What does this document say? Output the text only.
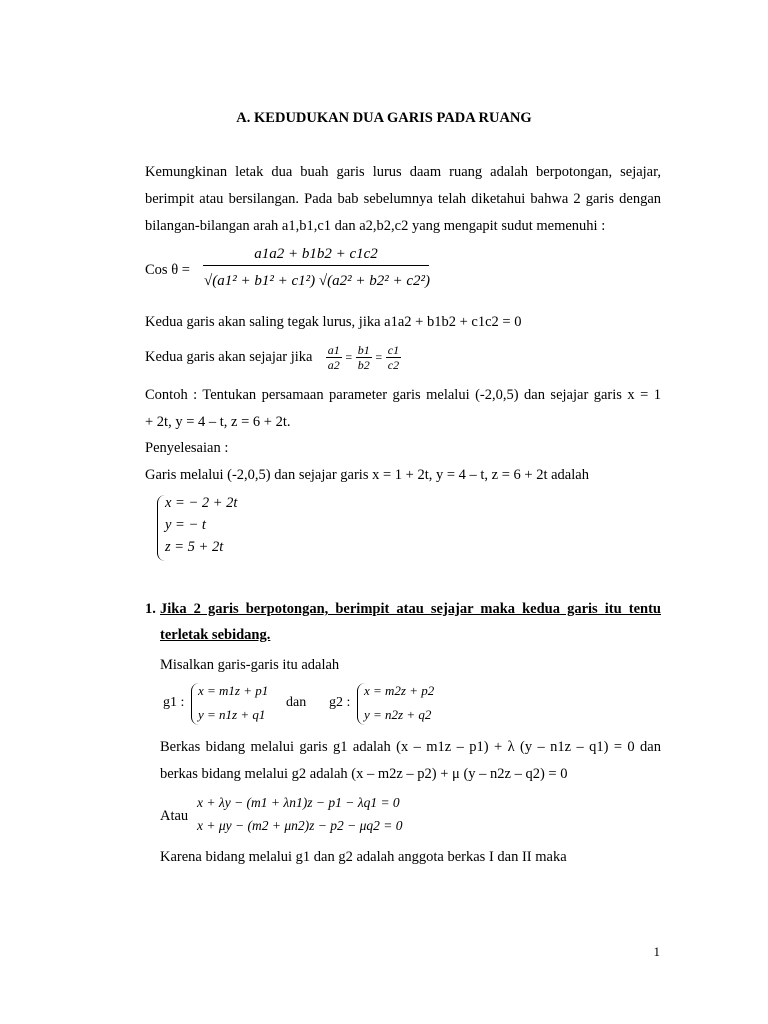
A. KEDUDUKAN DUA GARIS PADA RUANG
Kemungkinan letak dua buah garis lurus daam ruang adalah berpotongan, sejajar,
berimpit atau bersilangan. Pada bab sebelumnya telah diketahui bahwa 2 garis dengan
bilangan-bilangan arah a1,b1,c1 dan a2,b2,c2 yang mengapit sudut memenuhi :
Cos θ =
a1a2 + b1b2 + c1c2
√(a1² + b1² + c1²) √(a2² + b2² + c2²)
Kedua garis akan saling tegak lurus, jika a1a2 + b1b2 + c1c2 = 0
Kedua garis akan sejajar jika $\frac{a1}{a2} = \frac{b1}{b2} = \frac{c1}{c2}$
Contoh : Tentukan persamaan parameter garis melalui (-2,0,5) dan sejajar garis x = 1
+ 2t, y = 4 – t, z = 6 + 2t.
Penyelesaian :
Garis melalui (-2,0,5) dan sejajar garis x = 1 + 2t, y = 4 – t, z = 6 + 2t adalah
x = − 2 + 2t
y = − t
z = 5 + 2t
1. Jika 2 garis berpotongan, berimpit atau sejajar maka kedua garis itu tentu
terletak sebidang.
Misalkan garis-garis itu adalah
g1 :
x = m1z + p1
y = n1z + q1
dan g2 :
x = m2z + p2
y = n2z + q2
Berkas bidang melalui garis g1 adalah (x – m1z – p1) + λ (y – n1z – q1) = 0 dan
berkas bidang melalui g2 adalah (x – m2z – p2) + μ (y – n2z – q2) = 0
Atau
x + λy − (m1 + λn1)z − p1 − λq1 = 0
x + μy − (m2 + μn2)z − p2 − μq2 = 0
Karena bidang melalui g1 dan g2 adalah anggota berkas I dan II maka
1
